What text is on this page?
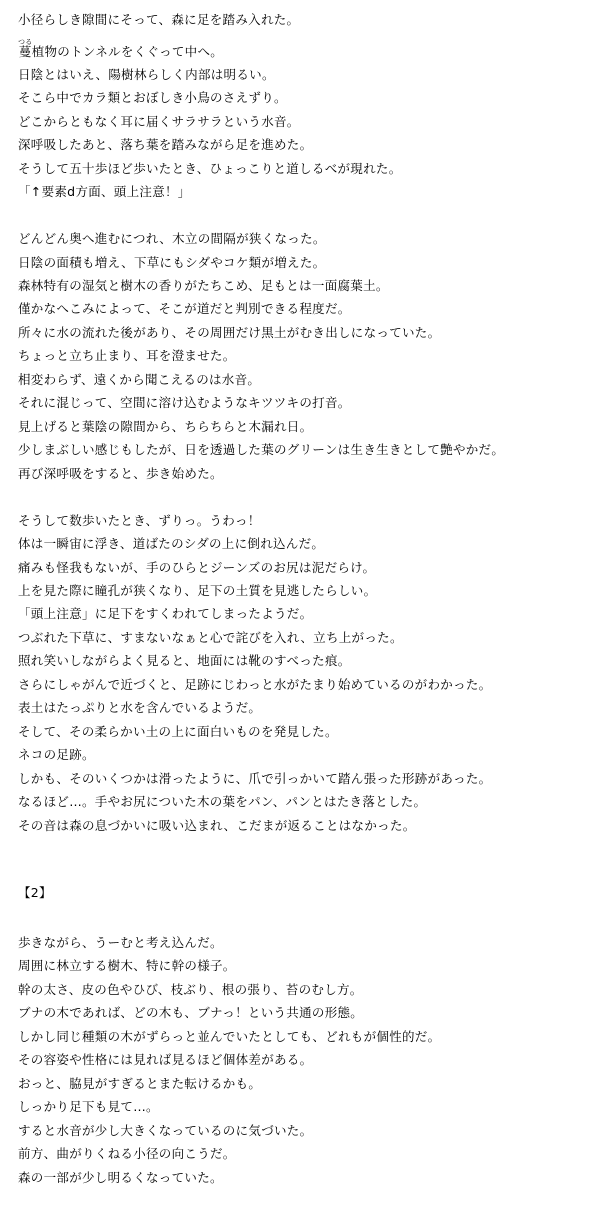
小径らしき隙間にそって、森に足を踏み入れた。
蔓つる植物のトンネルをくぐって中へ。
日陰とはいえ、陽樹林らしく内部は明るい。
そこら中でカラ類とおぼしき小鳥のさえずり。
どこからともなく耳に届くサラサラという水音。
深呼吸したあと、落ち葉を踏みながら足を進めた。
そうして五十歩ほど歩いたとき、ひょっこりと道しるべが現れた。
「↑要素d方面、頭上注意！」
どんどん奥へ進むにつれ、木立の間隔が狭くなった。
日陰の面積も増え、下草にもシダやコケ類が増えた。
森林特有の湿気と樹木の香りがたちこめ、足もとは一面腐葉土。
僅かなへこみによって、そこが道だと判別できる程度だ。
所々に水の流れた後があり、その周囲だけ黒土がむき出しになっていた。
ちょっと立ち止まり、耳を澄ませた。
相変わらず、遠くから聞こえるのは水音。
それに混じって、空間に溶け込むようなキツツキの打音。
見上げると葉陰の隙間から、ちらちらと木漏れ日。
少しまぶしい感じもしたが、日を透過した葉のグリーンは生き生きとして艶やかだ。
再び深呼吸をすると、歩き始めた。
そうして数歩いたとき、ずりっ。うわっ！
体は一瞬宙に浮き、道ばたのシダの上に倒れ込んだ。
痛みも怪我もないが、手のひらとジーンズのお尻は泥だらけ。
上を見た際に瞳孔が狭くなり、足下の土質を見逃したらしい。
「頭上注意」に足下をすくわれてしまったようだ。
つぶれた下草に、すまないなぁと心で詫びを入れ、立ち上がった。
照れ笑いしながらよく見ると、地面には靴のすべった痕。
さらにしゃがんで近づくと、足跡にじわっと水がたまり始めているのがわかった。
表土はたっぷりと水を含んでいるようだ。
そして、その柔らかい土の上に面白いものを発見した。
ネコの足跡。
しかも、そのいくつかは滑ったように、爪で引っかいて踏ん張った形跡があった。
なるほど…。手やお尻についた木の葉をパン、パンとはたき落とした。
その音は森の息づかいに吸い込まれ、こだまが返ることはなかった。
【2】
歩きながら、うーむと考え込んだ。
周囲に林立する樹木、特に幹の様子。
幹の太さ、皮の色やひび、枝ぶり、根の張り、苔のむし方。
ブナの木であれば、どの木も、ブナっ！という共通の形態。
しかし同じ種類の木がずらっと並んでいたとしても、どれもが個性的だ。
その容姿や性格には見れば見るほど個体差がある。
おっと、脇見がすぎるとまた転けるかも。
しっかり足下も見て…。
すると水音が少し大きくなっているのに気づいた。
前方、曲がりくねる小径の向こうだ。
森の一部が少し明るくなっていた。
